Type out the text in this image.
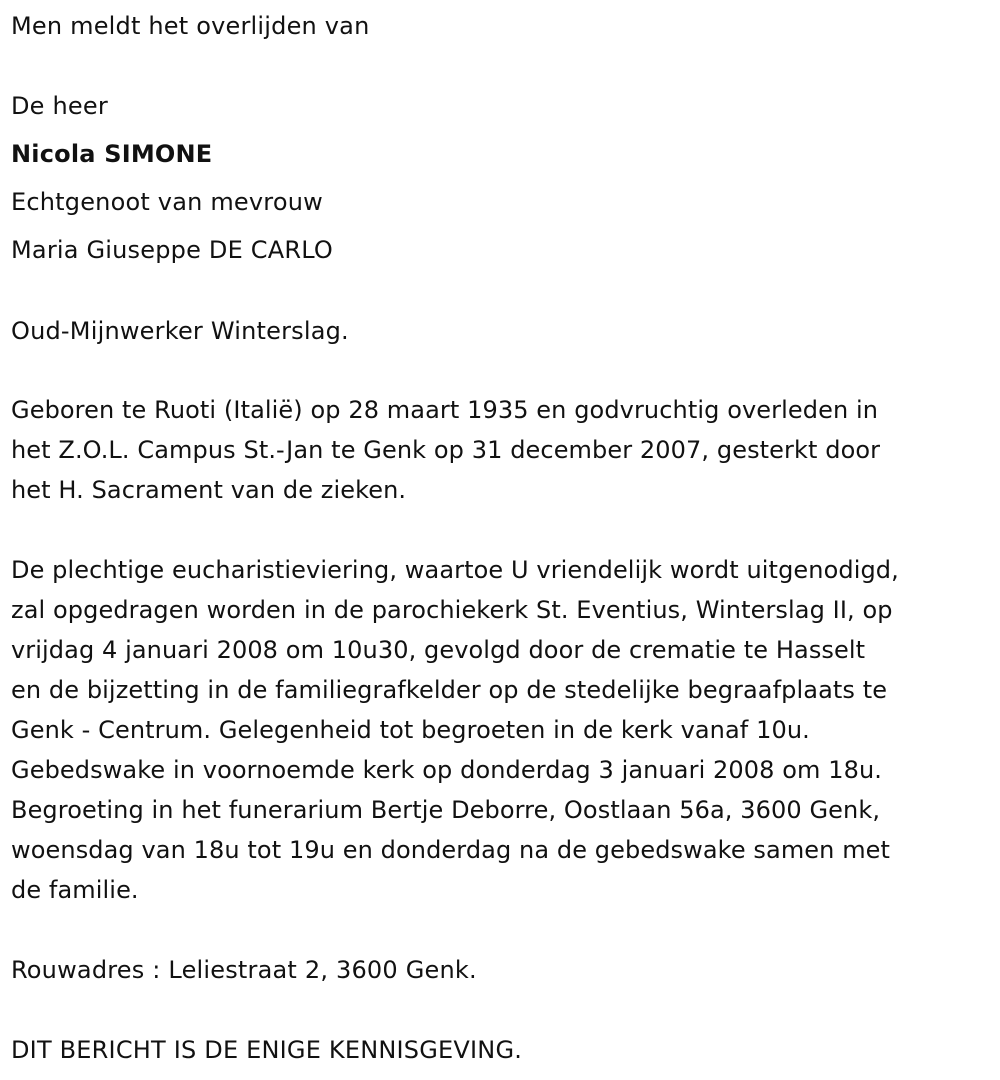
Men meldt het overlijden van
De heer
Nicola SIMONE
Echtgenoot van mevrouw
Maria Giuseppe DE CARLO
Oud-Mijnwerker Winterslag.
Geboren te Ruoti (Italië) op 28 maart 1935 en godvruchtig overleden in
het Z.O.L. Campus St.-Jan te Genk op 31 december 2007, gesterkt door
het H. Sacrament van de zieken.
De plechtige eucharistieviering, waartoe U vriendelijk wordt uitgenodigd,
zal opgedragen worden in de parochiekerk St. Eventius, Winterslag II, op
vrijdag 4 januari 2008 om 10u30, gevolgd door de crematie te Hasselt
en de bijzetting in de familiegrafkelder op de stedelijke begraafplaats te
Genk - Centrum. Gelegenheid tot begroeten in de kerk vanaf 10u.
Gebedswake in voornoemde kerk op donderdag 3 januari 2008 om 18u.
Begroeting in het funerarium Bertje Deborre, Oostlaan 56a, 3600 Genk,
woensdag van 18u tot 19u en donderdag na de gebedswake samen met
de familie.
Rouwadres : Leliestraat 2, 3600 Genk.
DIT BERICHT IS DE ENIGE KENNISGEVING.
